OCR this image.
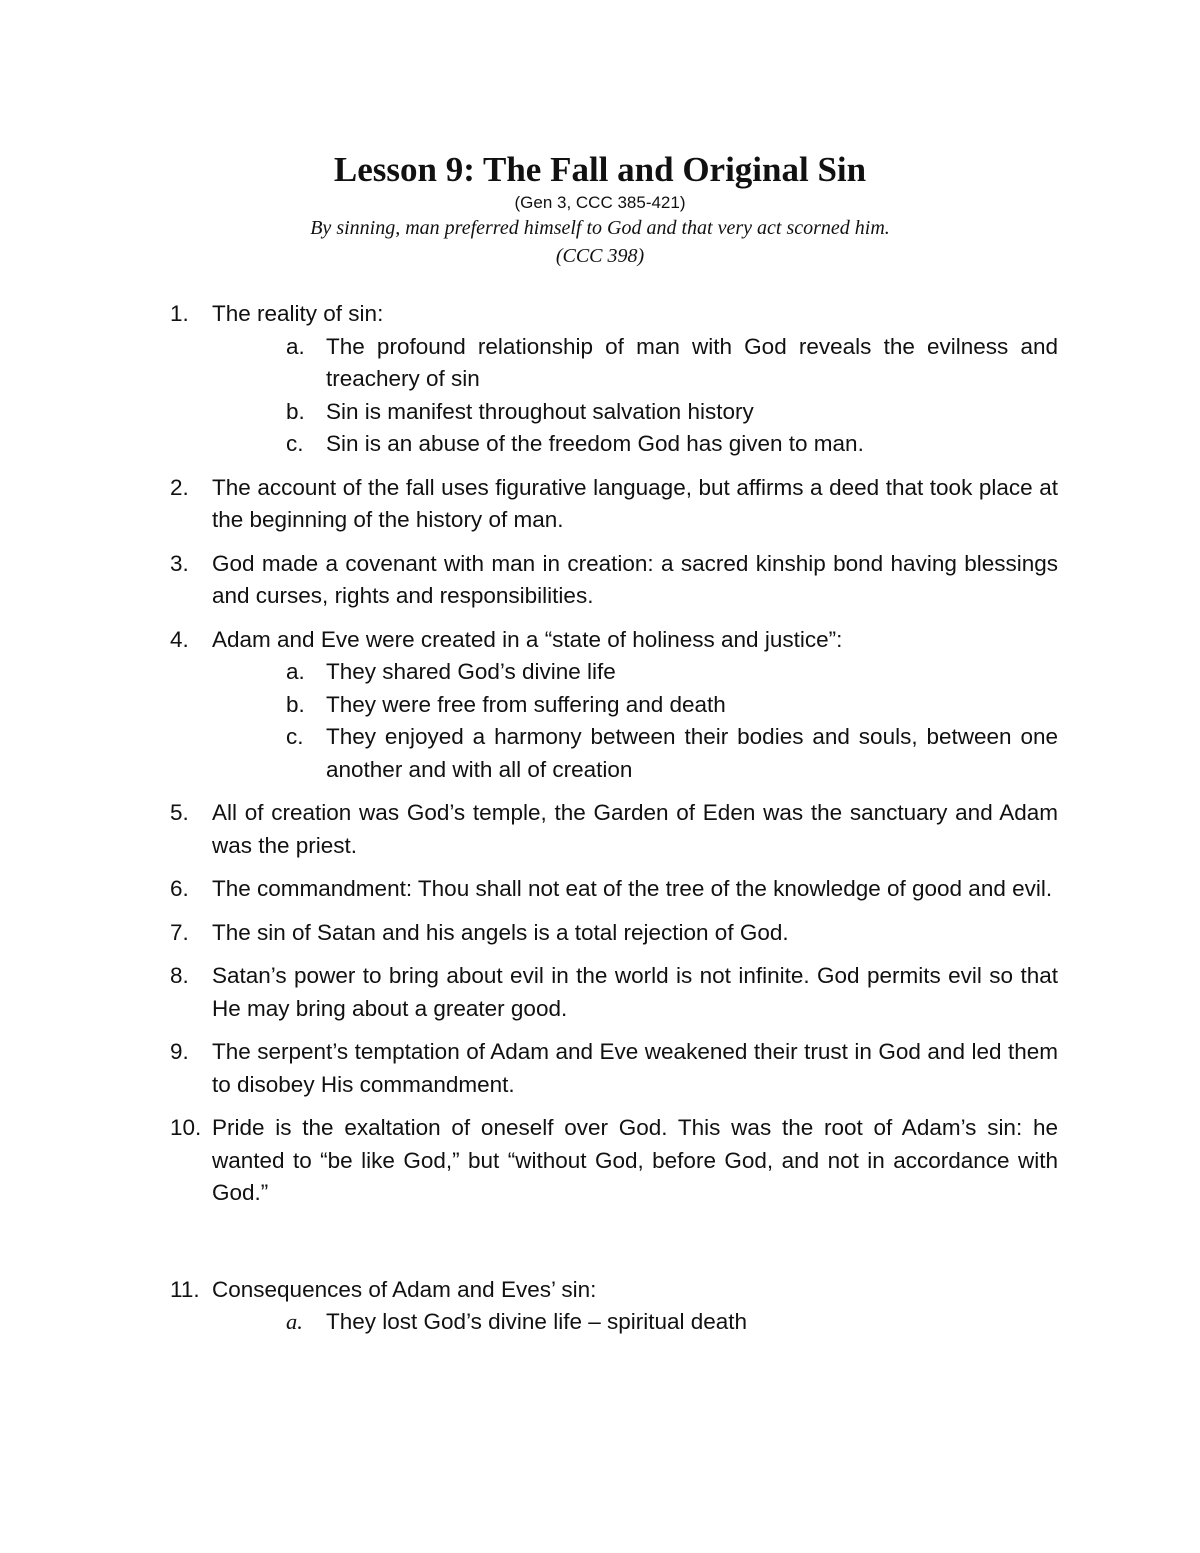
Lesson 9: The Fall and Original Sin
(Gen 3, CCC 385-421)
By sinning, man preferred himself to God and that very act scorned him.
(CCC 398)
1. The reality of sin:
a. The profound relationship of man with God reveals the evilness and treachery of sin
b. Sin is manifest throughout salvation history
c. Sin is an abuse of the freedom God has given to man.
2. The account of the fall uses figurative language, but affirms a deed that took place at the beginning of the history of man.
3. God made a covenant with man in creation: a sacred kinship bond having blessings and curses, rights and responsibilities.
4. Adam and Eve were created in a “state of holiness and justice”:
a. They shared God’s divine life
b. They were free from suffering and death
c. They enjoyed a harmony between their bodies and souls, between one another and with all of creation
5. All of creation was God’s temple, the Garden of Eden was the sanctuary and Adam was the priest.
6. The commandment: Thou shall not eat of the tree of the knowledge of good and evil.
7. The sin of Satan and his angels is a total rejection of God.
8. Satan’s power to bring about evil in the world is not infinite. God permits evil so that He may bring about a greater good.
9. The serpent’s temptation of Adam and Eve weakened their trust in God and led them to disobey His commandment.
10. Pride is the exaltation of oneself over God. This was the root of Adam’s sin: he wanted to “be like God,” but “without God, before God, and not in accordance with God.”
11. Consequences of Adam and Eves’ sin:
a. They lost God’s divine life – spiritual death
